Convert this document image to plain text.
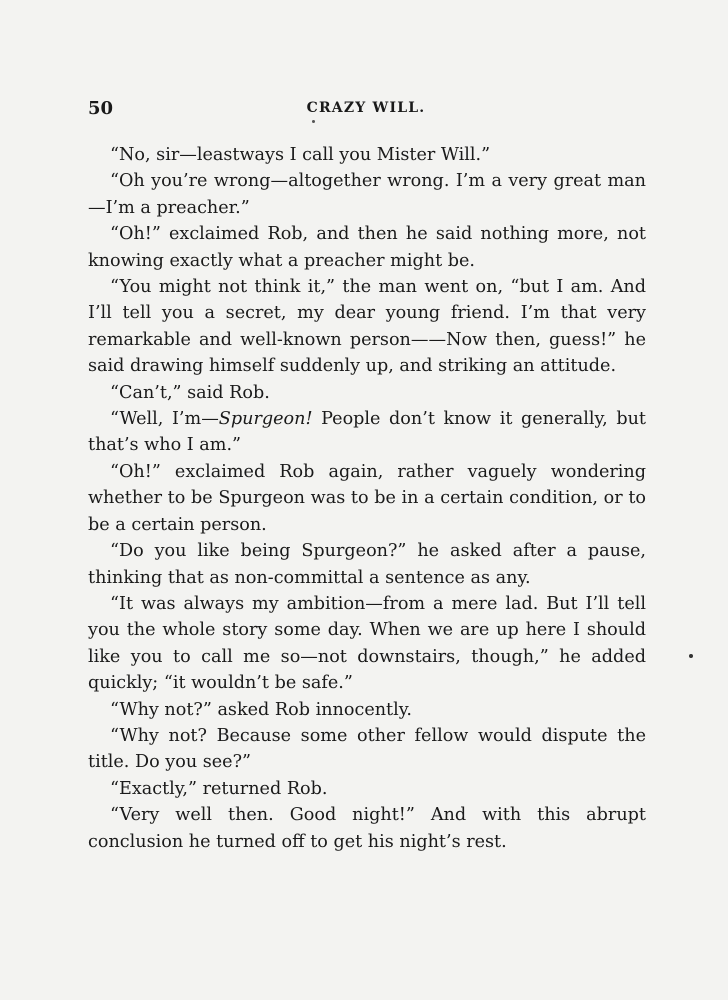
50	CRAZY WILL.

“No, sir—leastways I call you Mister Will.”

“Oh you’re wrong—altogether wrong. I’m a very great man—I’m a preacher.”

“Oh!” exclaimed Rob, and then he said nothing more, not knowing exactly what a preacher might be.

“You might not think it,” the man went on, “but I am. And I’ll tell you a secret, my dear young friend. I’m that very remarkable and well-known person——Now then, guess!” he said drawing himself suddenly up, and striking an attitude.

“Can’t,” said Rob.

“Well, I’m—Spurgeon! People don’t know it generally, but that’s who I am.”

“Oh!” exclaimed Rob again, rather vaguely wondering whether to be Spurgeon was to be in a certain condition, or to be a certain person.

“Do you like being Spurgeon?” he asked after a pause, thinking that as non-committal a sentence as any.

“It was always my ambition—from a mere lad. But I’ll tell you the whole story some day. When we are up here I should like you to call me so—not downstairs, though,” he added quickly; “it wouldn’t be safe.”

“Why not?” asked Rob innocently.

“Why not? Because some other fellow would dispute the title. Do you see?”

“Exactly,” returned Rob.

“Very well then. Good night!” And with this abrupt conclusion he turned off to get his night’s rest.
